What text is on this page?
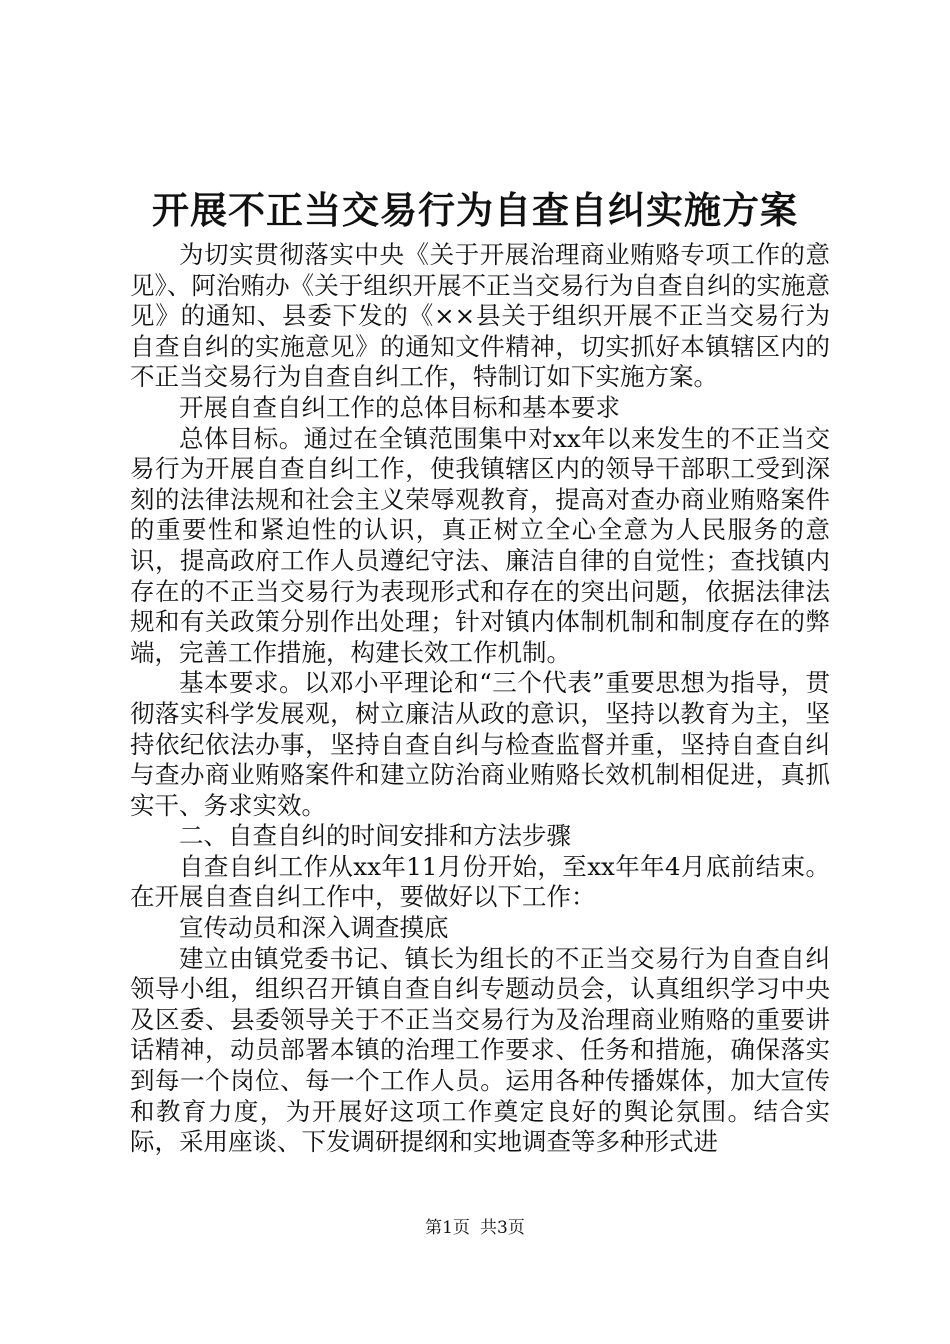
开展不正当交易行为自查自纠实施方案

为切实贯彻落实中央《关于开展治理商业贿赂专项工作的意见》、阿治贿办《关于组织开展不正当交易行为自查自纠的实施意见》的通知、县委下发的《××县关于组织开展不正当交易行为自查自纠的实施意见》的通知文件精神，切实抓好本镇辖区内的不正当交易行为自查自纠工作，特制订如下实施方案。

开展自查自纠工作的总体目标和基本要求

总体目标。通过在全镇范围集中对xx年以来发生的不正当交易行为开展自查自纠工作，使我镇辖区内的领导干部职工受到深刻的法律法规和社会主义荣辱观教育，提高对查办商业贿赂案件的重要性和紧迫性的认识，真正树立全心全意为人民服务的意识，提高政府工作人员遵纪守法、廉洁自律的自觉性；查找镇内存在的不正当交易行为表现形式和存在的突出问题，依据法律法规和有关政策分别作出处理；针对镇内体制机制和制度存在的弊端，完善工作措施，构建长效工作机制。

基本要求。以邓小平理论和“三个代表”重要思想为指导，贯彻落实科学发展观，树立廉洁从政的意识，坚持以教育为主，坚持依纪依法办事，坚持自查自纠与检查监督并重，坚持自查自纠与查办商业贿赂案件和建立防治商业贿赂长效机制相促进，真抓实干、务求实效。

二、自查自纠的时间安排和方法步骤

自查自纠工作从xx年11月份开始，至xx年年4月底前结束。在开展自查自纠工作中，要做好以下工作：

宣传动员和深入调查摸底

建立由镇党委书记、镇长为组长的不正当交易行为自查自纠领导小组，组织召开镇自查自纠专题动员会，认真组织学习中央及区委、县委领导关于不正当交易行为及治理商业贿赂的重要讲话精神，动员部署本镇的治理工作要求、任务和措施，确保落实到每一个岗位、每一个工作人员。运用各种传播媒体，加大宣传和教育力度，为开展好这项工作奠定良好的舆论氛围。结合实际，采用座谈、下发调研提纲和实地调查等多种形式进

第1页 共3页
